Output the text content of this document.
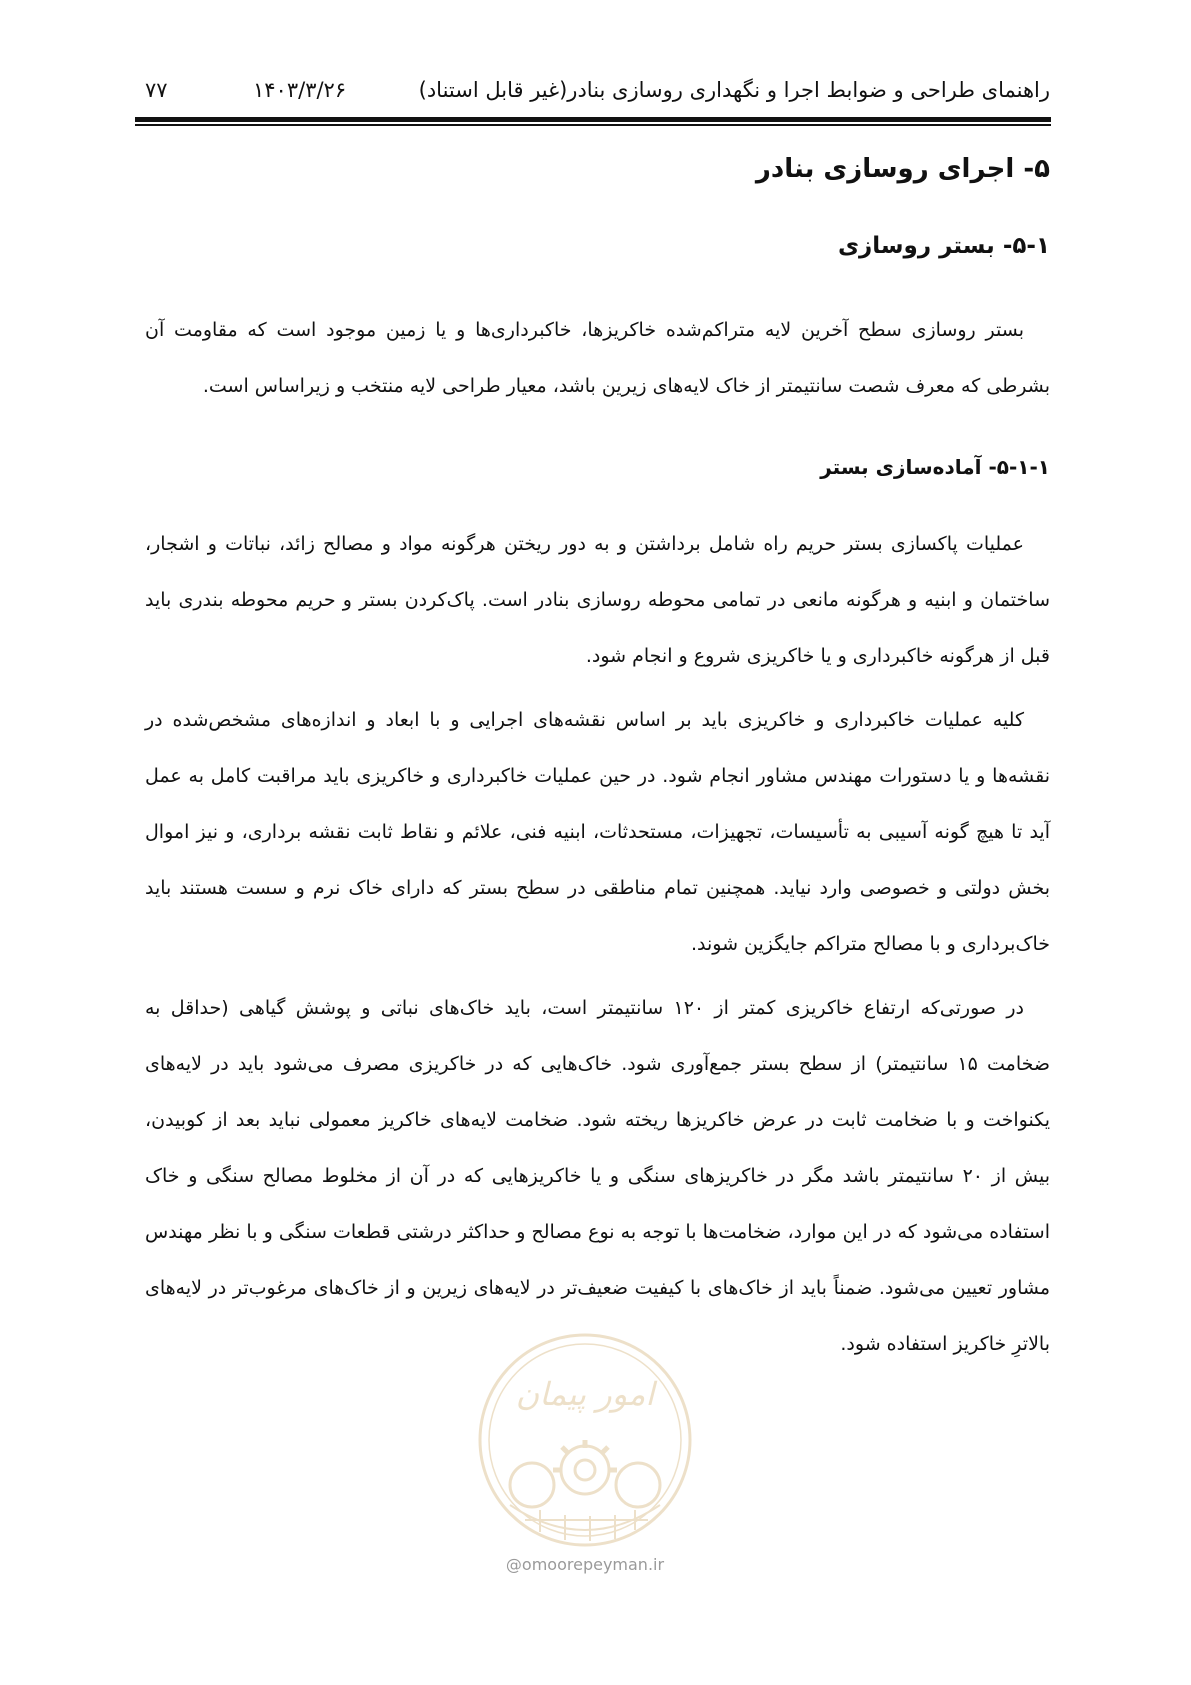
راهنمای طراحی و ضوابط اجرا و نگهداری روسازی بنادر(غیر قابل استناد)
۱۴۰۳/۳/۲۶
۷۷
۵- اجرای روسازی بنادر
۵-۱- بستر روسازی

بستر روسازی سطح آخرین لایه متراکم‌شده خاکریزها، خاکبرداری‌ها و یا زمین موجود است که مقاومت آن بشرطی که معرف شصت سانتیمتر از خاک لایه‌های زیرین باشد، معیار طراحی لایه منتخب و زیراساس است.

۵-۱-۱- آماده‌سازی بستر

عملیات پاکسازی بستر حریم راه شامل برداشتن و به دور ریختن هرگونه مواد و مصالح زائد، نباتات و اشجار، ساختمان و ابنیه و هرگونه مانعی در تمامی محوطه روسازی بنادر است. پاک‌کردن بستر و حریم محوطه بندری باید قبل از هرگونه خاکبرداری و یا خاکریزی شروع و انجام شود.

کلیه عملیات خاکبرداری و خاکریزی باید بر اساس نقشه‌های اجرایی و با ابعاد و اندازه‌های مشخص‌شده در نقشه‌ها و یا دستورات مهندس مشاور انجام شود. در حین عملیات خاکبرداری و خاکریزی باید مراقبت کامل به عمل آید تا هیچ گونه آسیبی به تأسیسات، تجهیزات، مستحدثات، ابنیه فنی، علائم و نقاط ثابت نقشه برداری، و نیز اموال بخش دولتی و خصوصی وارد نیاید. همچنین تمام مناطقی در سطح بستر که دارای خاک نرم و سست هستند باید خاک‌برداری و با مصالح متراکم جایگزین شوند.

در صورتی‌که ارتفاع خاکریزی کمتر از ۱۲۰ سانتیمتر است، باید خاک‌های نباتی و پوشش گیاهی (حداقل به ضخامت ۱۵ سانتیمتر) از سطح بستر جمع‌آوری شود. خاک‌هایی که در خاکریزی مصرف می‌شود باید در لایه‌های یکنواخت و با ضخامت ثابت در عرض خاکریزها ریخته شود. ضخامت لایه‌های خاکریز معمولی نباید بعد از کوبیدن، بیش از ۲۰ سانتیمتر باشد مگر در خاکریزهای سنگی و یا خاکریزهایی که در آن از مخلوط مصالح سنگی و خاک استفاده می‌شود که در این موارد، ضخامت‌ها با توجه به نوع مصالح و حداکثر درشتی قطعات سنگی و با نظر مهندس مشاور تعیین می‌شود. ضمناً باید از خاک‌های با کیفیت ضعیف‌تر در لایه‌های زیرین و از خاک‌های مرغوب‌تر در لایه‌های بالاترِ خاکریز استفاده شود.

امور پیمان
@omoorepeyman.ir
